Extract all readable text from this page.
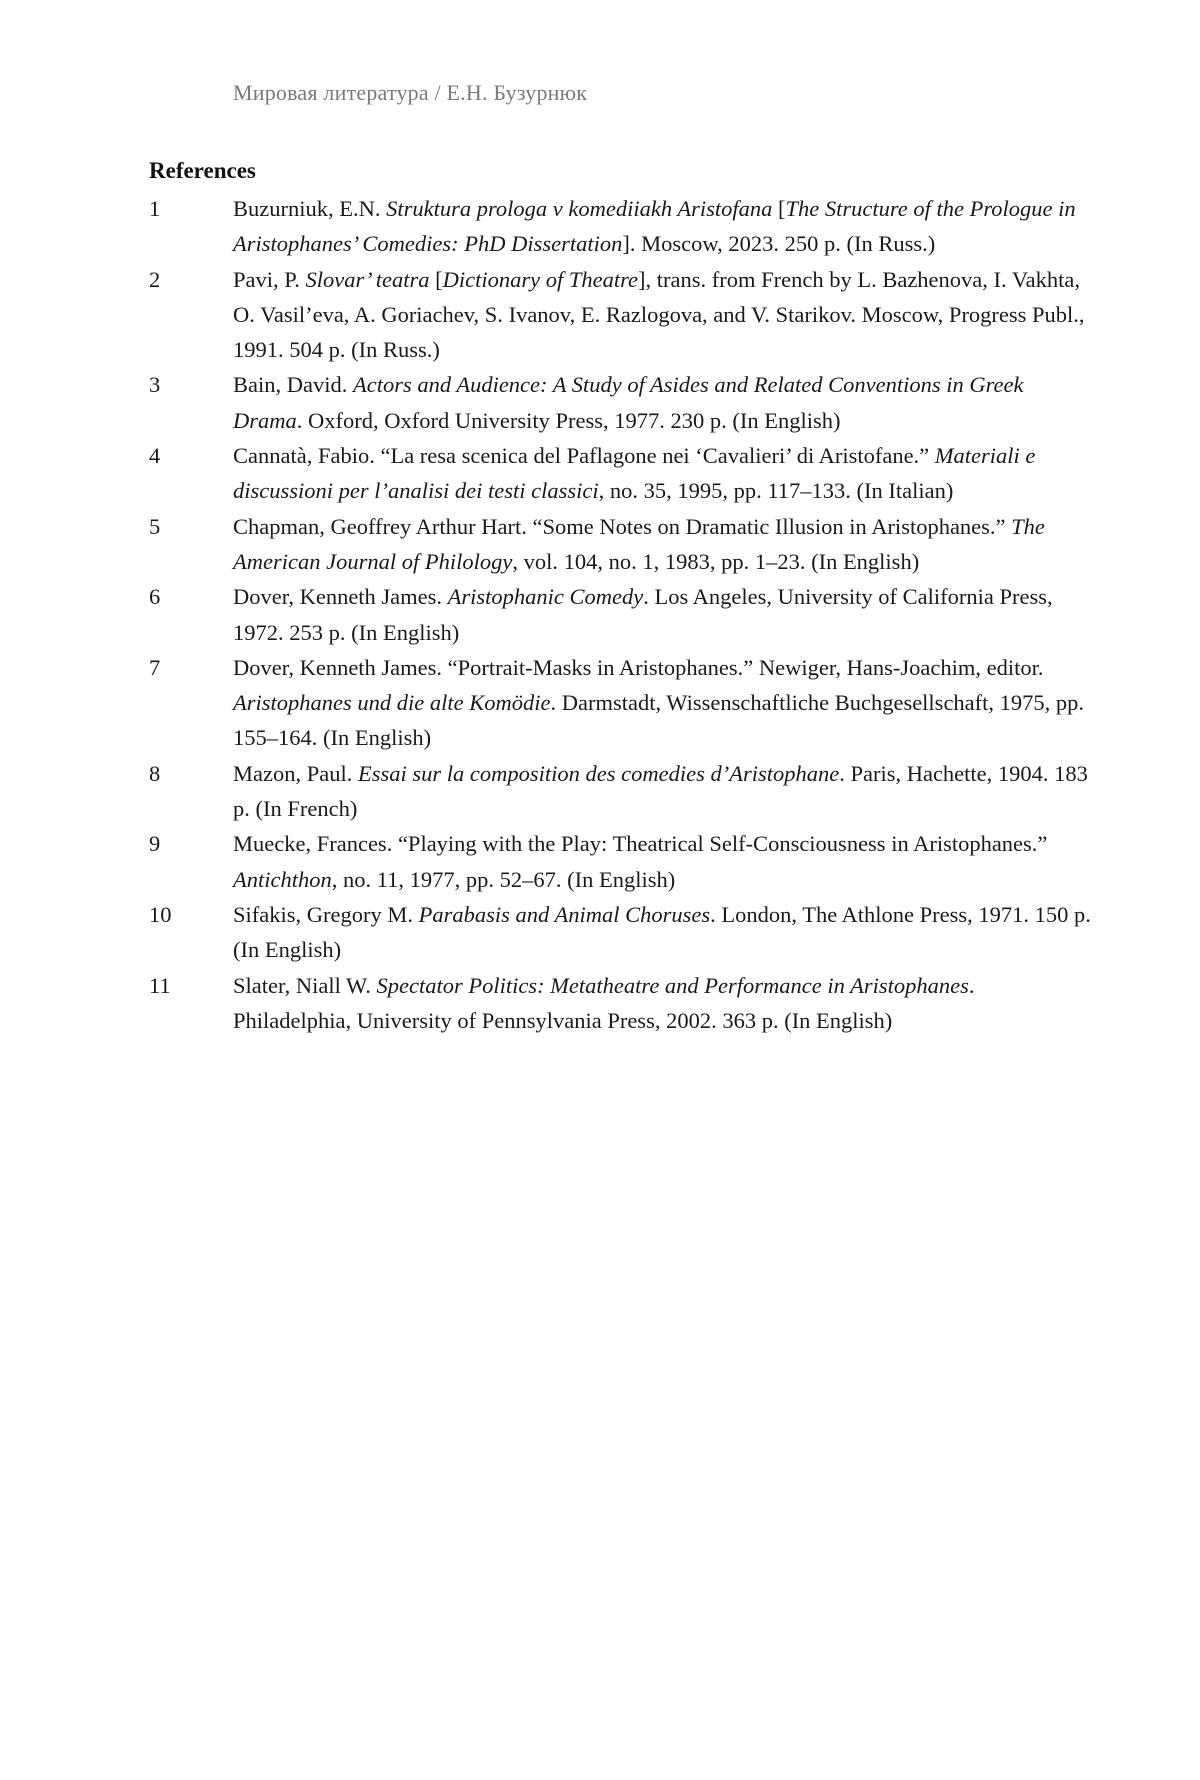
Мировая литература / Е.Н. Бузурнюк
References
1	Buzurniuk, E.N. Struktura prologa v komediiakh Aristofana [The Structure of the Prologue in Aristophanes’ Comedies: PhD Dissertation]. Moscow, 2023. 250 p. (In Russ.)
2	Pavi, P. Slovar’ teatra [Dictionary of Theatre], trans. from French by L. Bazhenova, I. Vakhta, O. Vasil’eva, A. Goriachev, S. Ivanov, E. Razlogova, and V. Starikov. Moscow, Progress Publ., 1991. 504 p. (In Russ.)
3	Bain, David. Actors and Audience: A Study of Asides and Related Conventions in Greek Drama. Oxford, Oxford University Press, 1977. 230 p. (In English)
4	Cannatà, Fabio. “La resa scenica del Paflagone nei ‘Cavalieri’ di Aristofane.” Materiali e discussioni per l’analisi dei testi classici, no. 35, 1995, pp. 117–133. (In Italian)
5	Chapman, Geoffrey Arthur Hart. “Some Notes on Dramatic Illusion in Aristophanes.” The American Journal of Philology, vol. 104, no. 1, 1983, pp. 1–23. (In English)
6	Dover, Kenneth James. Aristophanic Comedy. Los Angeles, University of California Press, 1972. 253 p. (In English)
7	Dover, Kenneth James. “Portrait-Masks in Aristophanes.” Newiger, Hans-Joachim, editor. Aristophanes und die alte Komödie. Darmstadt, Wissenschaftliche Buchgesellschaft, 1975, pp. 155–164. (In English)
8	Mazon, Paul. Essai sur la composition des comedies d’Aristophane. Paris, Hachette, 1904. 183 p. (In French)
9	Muecke, Frances. “Playing with the Play: Theatrical Self-Consciousness in Aristophanes.” Antichthon, no. 11, 1977, pp. 52–67. (In English)
10	Sifakis, Gregory M. Parabasis and Animal Choruses. London, The Athlone Press, 1971. 150 p. (In English)
11	Slater, Niall W. Spectator Politics: Metatheatre and Performance in Aristophanes. Philadelphia, University of Pennsylvania Press, 2002. 363 p. (In English)
